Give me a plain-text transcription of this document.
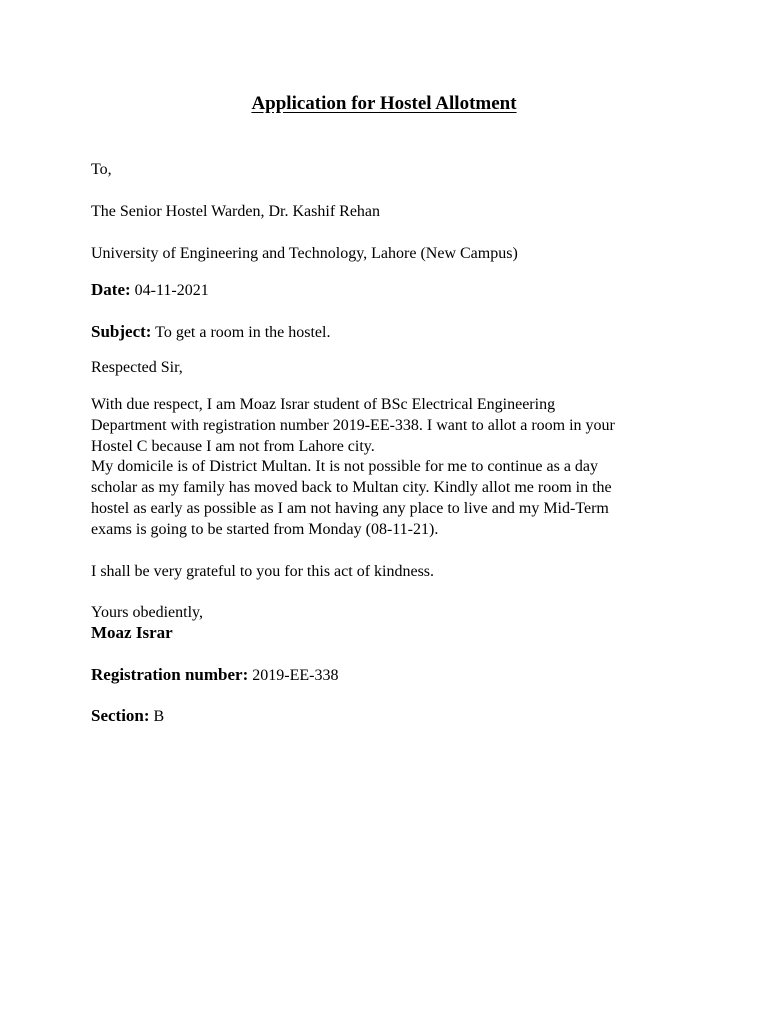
Application for Hostel Allotment
To,
The Senior Hostel Warden, Dr. Kashif Rehan
University of Engineering and Technology, Lahore (New Campus)
Date: 04-11-2021
Subject: To get a room in the hostel.
Respected Sir,
With due respect, I am Moaz Israr student of BSc Electrical Engineering
Department with registration number 2019-EE-338. I want to allot a room in your
Hostel C because I am not from Lahore city.
My domicile is of District Multan. It is not possible for me to continue as a day
scholar as my family has moved back to Multan city. Kindly allot me room in the
hostel as early as possible as I am not having any place to live and my Mid-Term
exams is going to be started from Monday (08-11-21).
I shall be very grateful to you for this act of kindness.
Yours obediently,
Moaz Israr
Registration number: 2019-EE-338
Section: B
